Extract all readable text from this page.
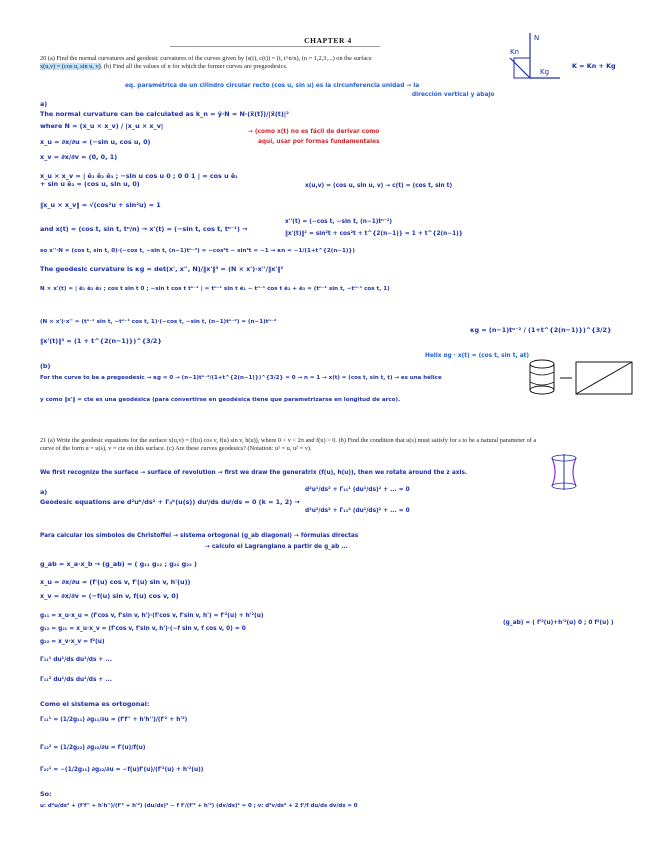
CHAPTER 4
20 (a) Find the normal curvatures and geodesic curvatures of the curves given by (s(t), c(t)) = (t, t^n/n), (n = 1,2,3,...) on the surface x(u,v) = (cos u, sin u, v). (b) Find all the values of n for which the former curves are pregeodesics.
N
Kn
Kg
K = Kn + Kg
eq. paramétrica de un cilindro circular recto (cos u, sin u) es la circunferencia unidad → la
dirección vertical y abajo
a)
The normal curvature can be calculated as k_n = ÿ·N = N·(x⃗(t)⃗)/|x⃗(t)|²
where N = (x_u × x_v) / |x_u × x_v|
x_u = ∂x/∂u = (−sin u, cos u, 0)
x_v = ∂x/∂v = (0, 0, 1)
→ (como x(t) no es fácil de derivar como
aquí, usar por formas fundamentales
x_u × x_v = | ê₁ ê₂ ê₃ ; −sin u cos u 0 ; 0 0 1 | = cos u ê₁ + sin u ê₂ = (cos u, sin u, 0)
‖x_u × x_v‖ = √(cos²u + sin²u) = 1
x(u,v) = (cos u, sin u, v) → c(t) = (cos t, sin t)
x''(t) = (−cos t, −sin t, (n−1)tⁿ⁻²)
‖x'(t)‖² = sin²t + cos²t + t^{2(n−1)} = 1 + t^{2(n−1)}
and x(t) = (cos t, sin t, tⁿ/n) → x'(t) = (−sin t, cos t, tⁿ⁻¹) →
so x''·N = (cos t, sin t, 0)·(−cos t, −sin t, (n−1)tⁿ⁻²) = −cos²t − sin²t = −1 → κn = −1/(1+t^{2(n−1)})
The geodesic curvature is κg = det(x', x'', N)/‖x'‖³ = (N × x')·x''/‖x'‖³
N × x'(t) = | ê₁ ê₂ ê₃ ; cos t sin t 0 ; −sin t cos t tⁿ⁻¹ | = tⁿ⁻¹ sin t ê₁ − tⁿ⁻¹ cos t ê₂ + ê₃ = (tⁿ⁻¹ sin t, −tⁿ⁻¹ cos t, 1)
(N × x')·x'' = (tⁿ⁻¹ sin t, −tⁿ⁻¹ cos t, 1)·(−cos t, −sin t, (n−1)tⁿ⁻²) = (n−1)tⁿ⁻²
‖x'(t)‖³ = (1 + t^{2(n−1)})^{3/2}
κg = (n−1)tⁿ⁻² / (1+t^{2(n−1)})^{3/2}
Helix αg · x(t) = (cos t, sin t, at)
(b)
For the curve to be a pregeodesic → κg = 0 → (n−1)tⁿ⁻²/(1+t^{2(n−1)})^{3/2} = 0 → n = 1 → x(t) = (cos t, sin t, t) → es una hélice
y como ‖x'‖ = cte es una geodésica (para convertirse en geodésica tiene que parametrizarse en longitud de arco).
21 (a) Write the geodesic equations for the surface x(u,v) = (f(u) cos v, f(u) sin v, h(u)), where 0 < v < 2π and f(u) > 0. (b) Find the condition that u(s) must satisfy for s to be a natural parameter of a curve of the form u = u(s), v = cte on this surface. (c) Are these curves geodesics? (Notation: u¹ = u, u² = v).
We first recognize the surface → surface of revolution → first we draw the generatrix (f(u), h(u)), then we rotate around the z axis.
a)
Geodesic equations are d²uᵏ/ds² + Γᵢⱼᵏ(u(s)) duⁱ/ds duʲ/ds = 0 (k = 1, 2) →
d²u¹/ds² + Γ₁₁¹ (du¹/ds)² + ... = 0
d²u²/ds² + Γ₁₁² (du¹/ds)² + ... = 0
Para calcular los símbolos de Christoffel → sistema ortogonal (g_ab diagonal) → fórmulas directas
→ calculo el Lagrangiano a partir de g_ab ...
g_ab = x_a·x_b → (g_ab) = ( g₁₁ g₁₂ ; g₂₁ g₂₂ )
x_u = ∂x/∂u = (f'(u) cos v, f'(u) sin v, h'(u))
x_v = ∂x/∂v = (−f(u) sin v, f(u) cos v, 0)
g₁₁ = x_u·x_u = (f'cos v, f'sin v, h')·(f'cos v, f'sin v, h') = f'²(u) + h'²(u)
g₁₂ = g₂₁ = x_u·x_v = (f'cos v, f'sin v, h')·(−f sin v, f cos v, 0) = 0
g₂₂ = x_v·x_v = f²(u)
(g_ab) = ( f'²(u)+h'²(u) 0 ; 0 f²(u) )
Γ₁₁¹ du¹/ds du¹/ds + ...
Γ₁₁² du¹/ds du¹/ds + ...
Como el sistema es ortogonal:
Γ₁₁¹ = (1/2g₁₁) ∂g₁₁/∂u = (f'f'' + h'h'')/(f'² + h'²)
Γ₁₂² = (1/2g₂₂) ∂g₂₂/∂u = f'(u)/f(u)
Γ₂₂¹ = −(1/2g₁₁) ∂g₂₂/∂u = −f(u)f'(u)/(f'²(u) + h'²(u))
So:
u: d²u/ds² + (f'f'' + h'h'')/(f'² + h'²) (du/ds)² − f f'/(f'² + h'²) (dv/ds)² = 0 ; v: d²v/ds² + 2 f'/f du/ds dv/ds = 0
